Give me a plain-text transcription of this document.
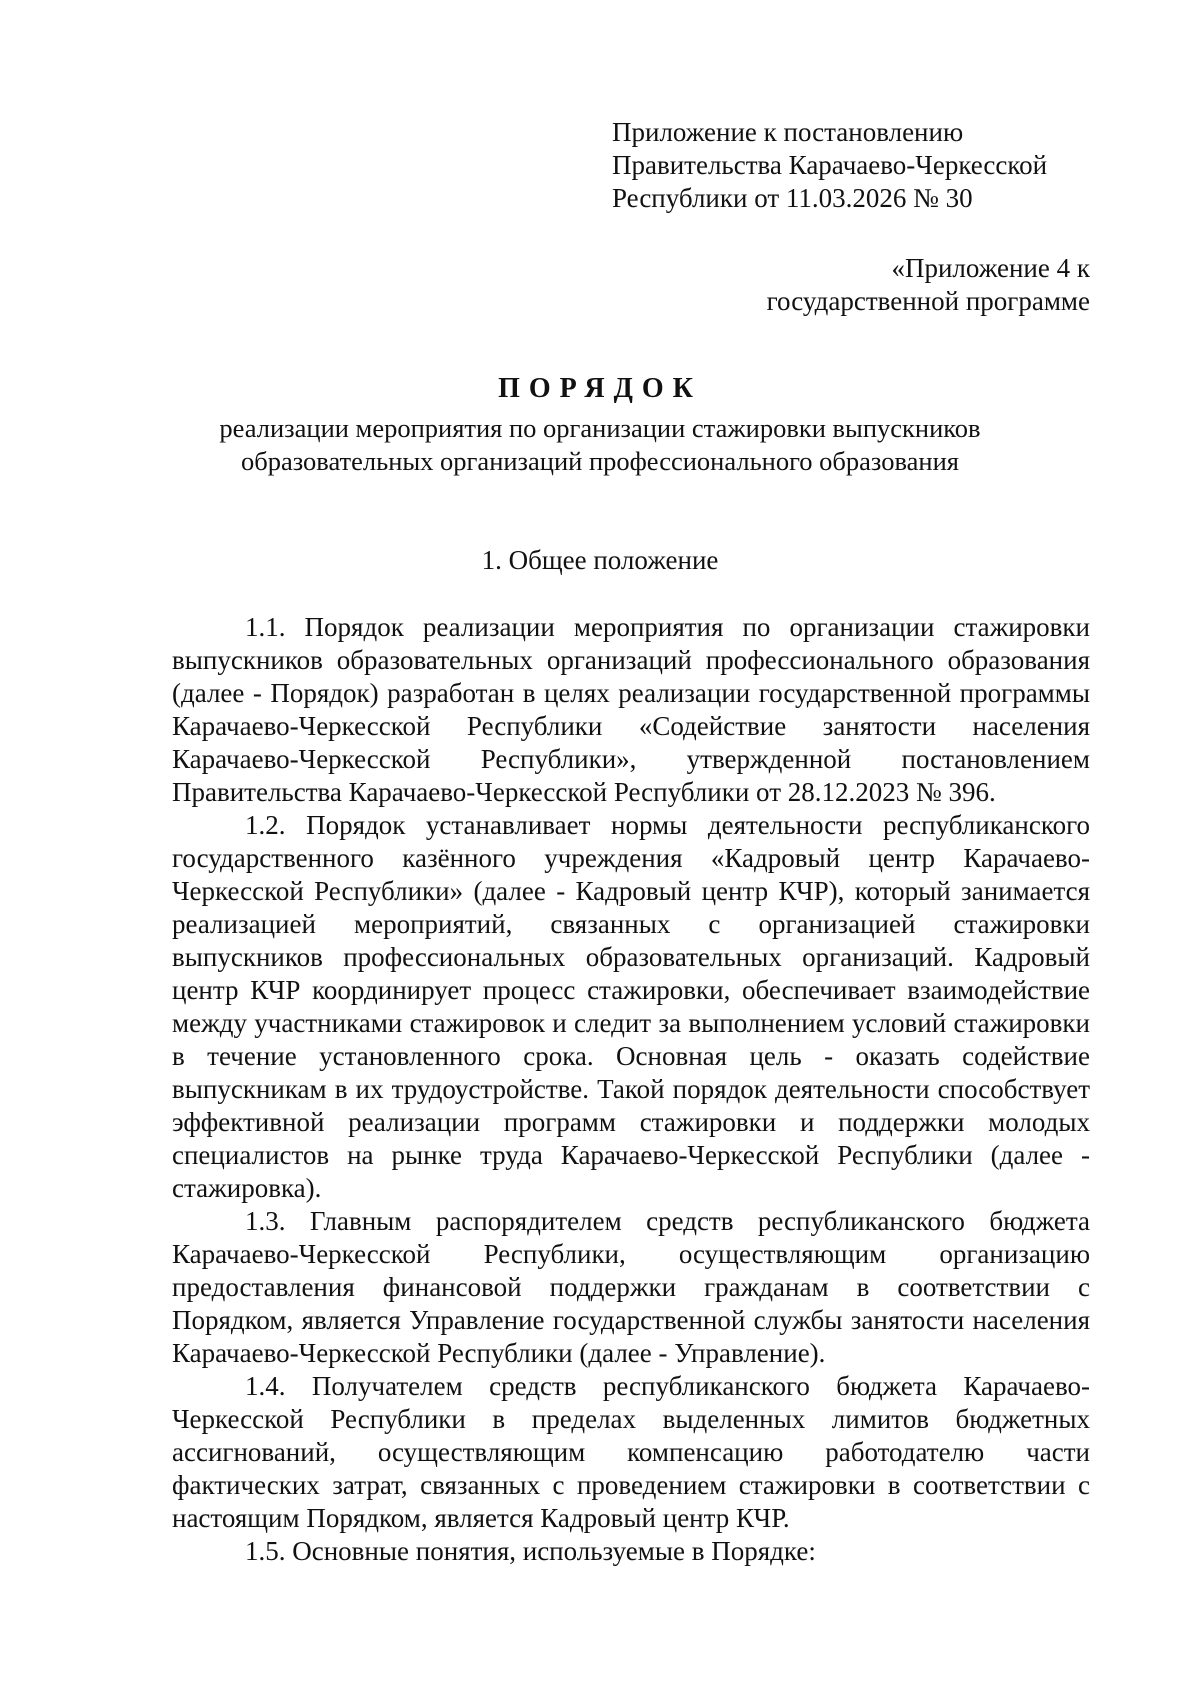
Приложение к постановлению
Правительства Карачаево-Черкесской
Республики от 11.03.2026 № 30
«Приложение 4 к
государственной программе
ПОРЯДОК
реализации мероприятия по организации стажировки выпускников
образовательных организаций профессионального образования
1. Общее положение

1.1. Порядок реализации мероприятия по организации стажировки выпускников образовательных организаций профессионального образования (далее - Порядок) разработан в целях реализации государственной программы Карачаево-Черкесской Республики «Содействие занятости населения Карачаево-Черкесской Республики», утвержденной постановлением Правительства Карачаево-Черкесской Республики от 28.12.2023 № 396.

1.2. Порядок устанавливает нормы деятельности республиканского государственного казённого учреждения «Кадровый центр Карачаево-Черкесской Республики» (далее - Кадровый центр КЧР), который занимается реализацией мероприятий, связанных с организацией стажировки выпускников профессиональных образовательных организаций. Кадровый центр КЧР координирует процесс стажировки, обеспечивает взаимодействие между участниками стажировок и следит за выполнением условий стажировки в течение установленного срока. Основная цель - оказать содействие выпускникам в их трудоустройстве. Такой порядок деятельности способствует эффективной реализации программ стажировки и поддержки молодых специалистов на рынке труда Карачаево-Черкесской Республики (далее - стажировка).

1.3. Главным распорядителем средств республиканского бюджета Карачаево-Черкесской Республики, осуществляющим организацию предоставления финансовой поддержки гражданам в соответствии с Порядком, является Управление государственной службы занятости населения Карачаево-Черкесской Республики (далее - Управление).

1.4. Получателем средств республиканского бюджета Карачаево-Черкесской Республики в пределах выделенных лимитов бюджетных ассигнований, осуществляющим компенсацию работодателю части фактических затрат, связанных с проведением стажировки в соответствии с настоящим Порядком, является Кадровый центр КЧР.

1.5. Основные понятия, используемые в Порядке:
